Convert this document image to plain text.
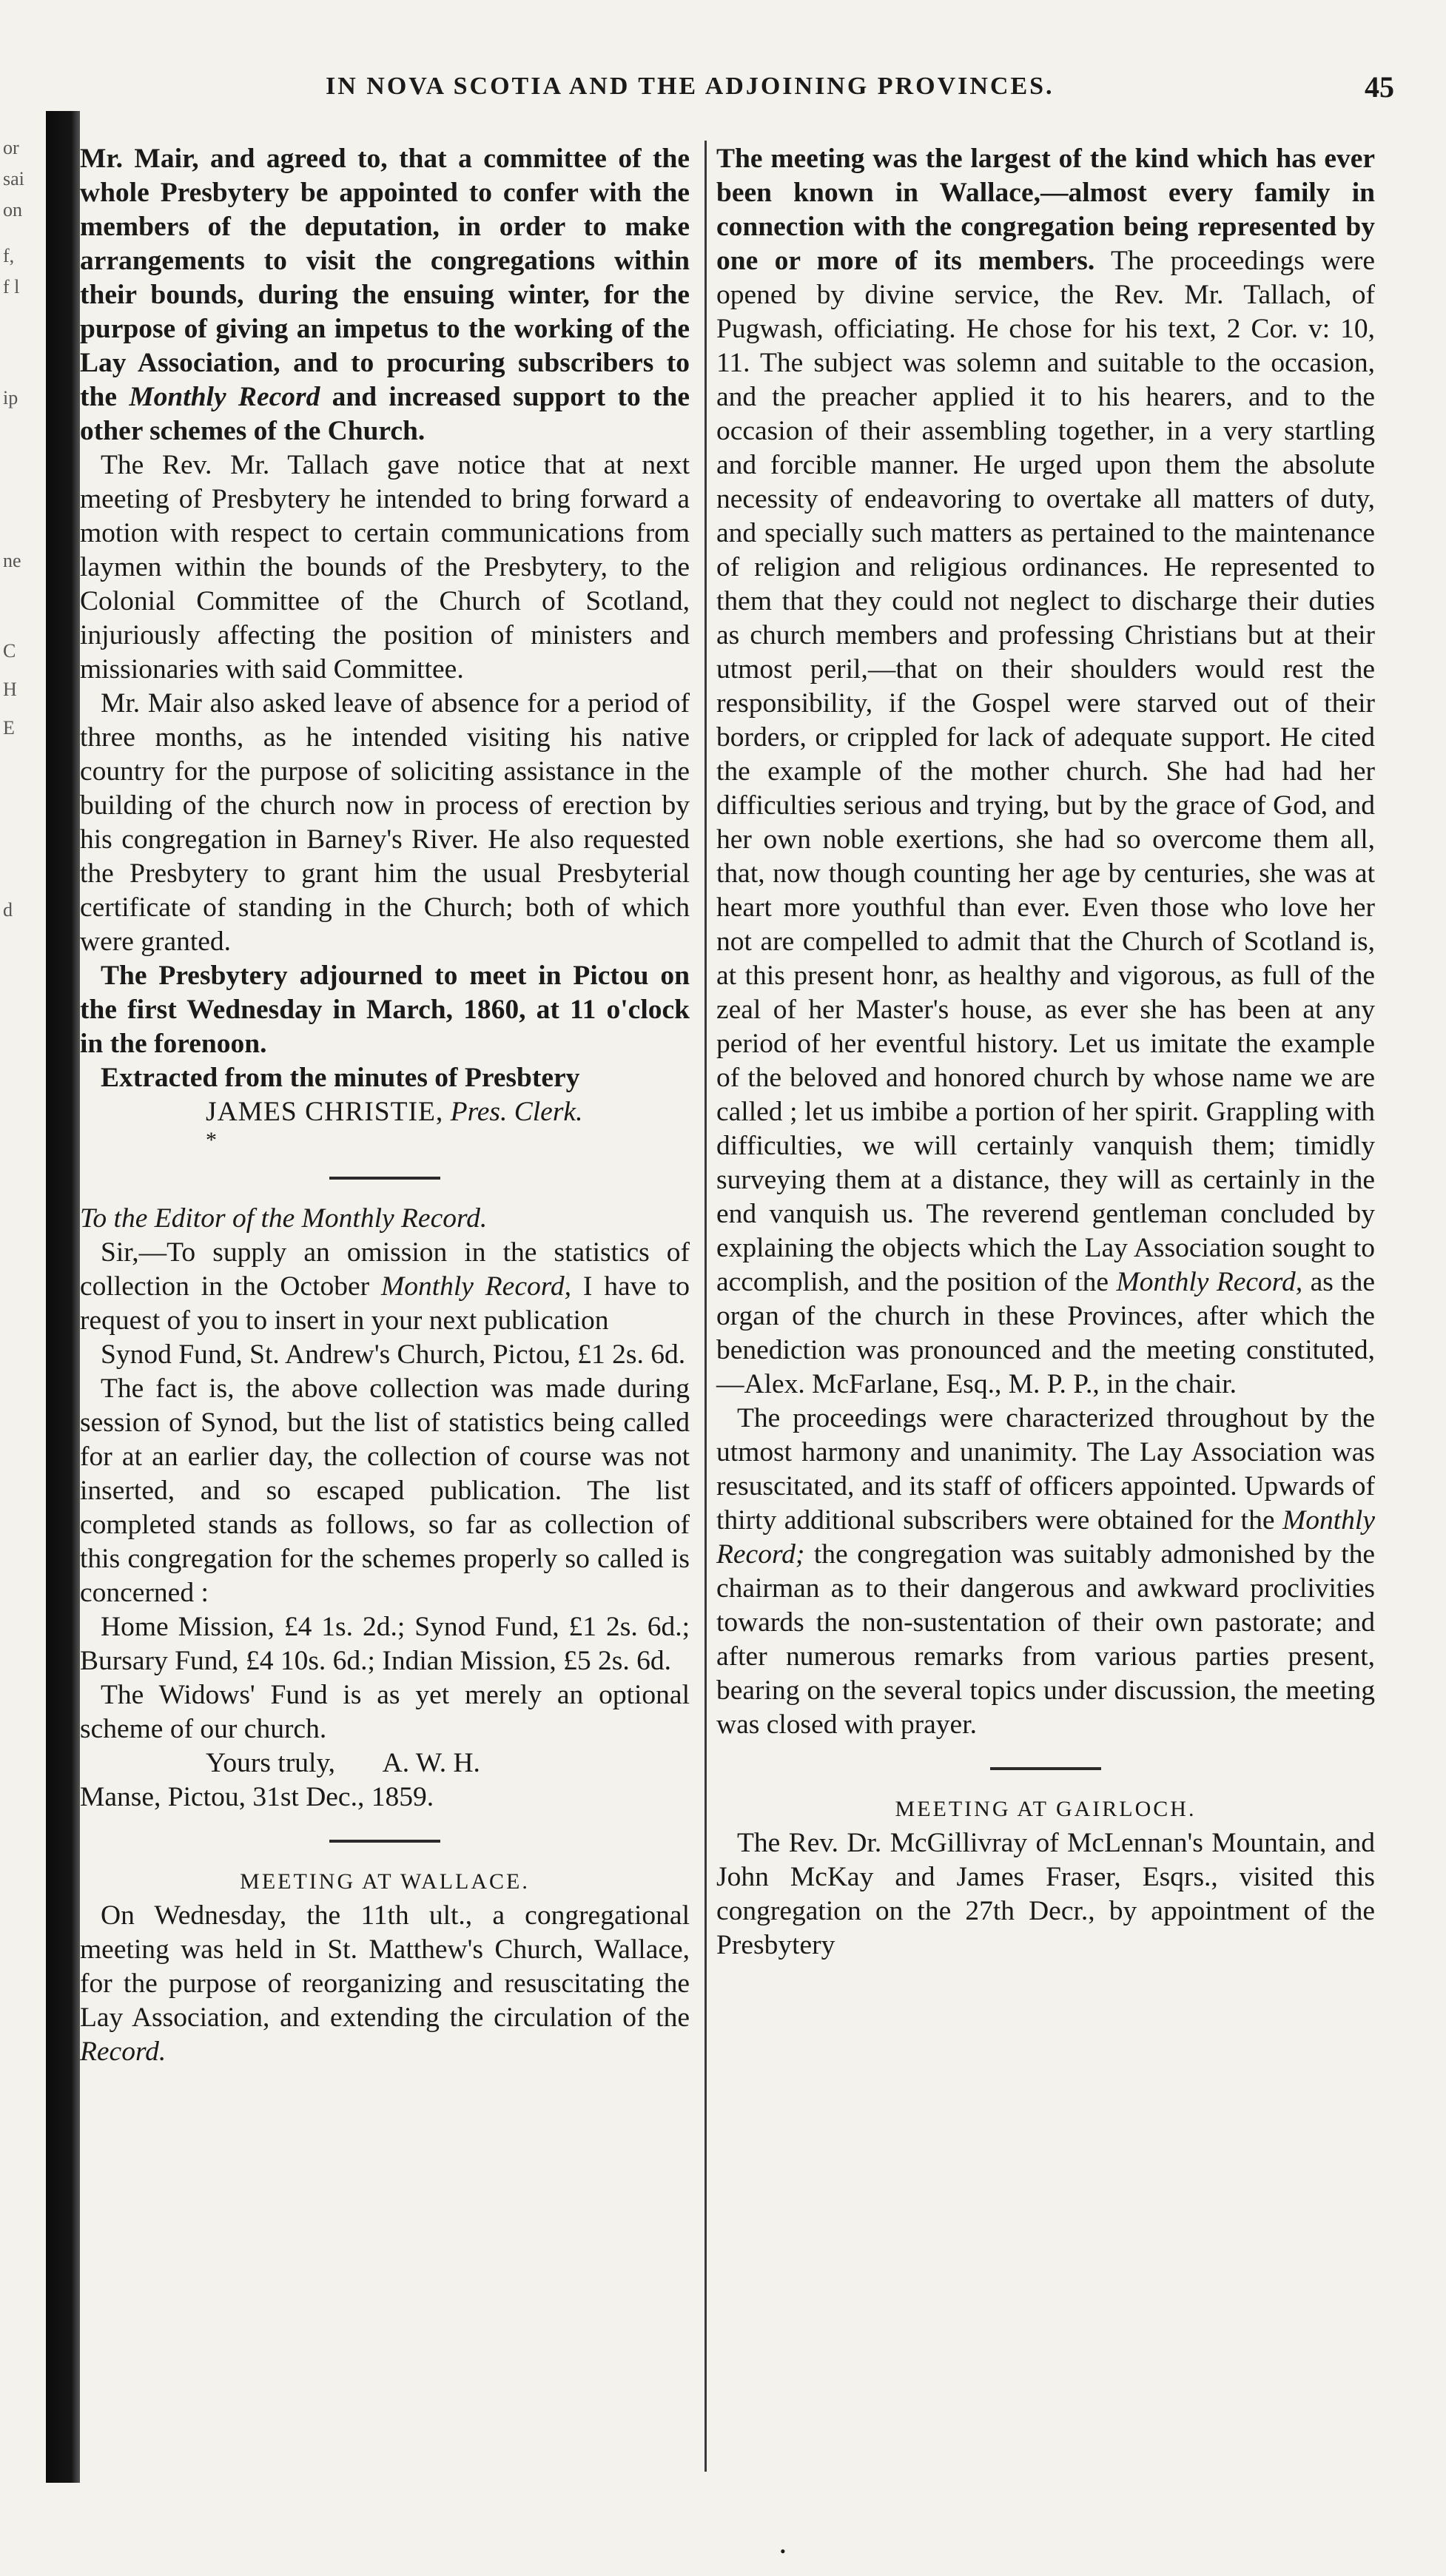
IN NOVA SCOTIA AND THE ADJOINING PROVINCES.	45
or
sai
on
f,
f l
ip
ne
C
H
E
d

Mr. Mair, and agreed to, that a committee of the whole Presbytery be appointed to confer with the members of the deputation, in order to make arrangements to visit the congregations within their bounds, during the ensuing winter, for the purpose of giving an impetus to the working of the Lay Association, and to procuring subscribers to the Monthly Record and increased support to the other schemes of the Church.

The Rev. Mr. Tallach gave notice that at next meeting of Presbytery he intended to bring forward a motion with respect to certain communications from laymen within the bounds of the Presbytery, to the Colonial Committee of the Church of Scotland, injuriously affecting the position of ministers and missionaries with said Committee.

Mr. Mair also asked leave of absence for a period of three months, as he intended visiting his native country for the purpose of soliciting assistance in the building of the church now in process of erection by his congregation in Barney's River. He also requested the Presbytery to grant him the usual Presbyterial certificate of standing in the Church; both of which were granted.

The Presbytery adjourned to meet in Pictou on the first Wednesday in March, 1860, at 11 o'clock in the forenoon.

Extracted from the minutes of Presbtery

JAMES CHRISTIE, Pres. Clerk.

*

To the Editor of the Monthly Record.

Sir,—To supply an omission in the statistics of collection in the October Monthly Record, I have to request of you to insert in your next publication

Synod Fund, St. Andrew's Church, Pictou, £1 2s. 6d.

The fact is, the above collection was made during session of Synod, but the list of statistics being called for at an earlier day, the collection of course was not inserted, and so escaped publication. The list completed stands as follows, so far as collection of this congregation for the schemes properly so called is concerned :

Home Mission, £4 1s. 2d.; Synod Fund, £1 2s. 6d.; Bursary Fund, £4 10s. 6d.; Indian Mission, £5 2s. 6d.

The Widows' Fund is as yet merely an optional scheme of our church.

Yours truly, A. W. H.

Manse, Pictou, 31st Dec., 1859.

MEETING AT WALLACE.

On Wednesday, the 11th ult., a congregational meeting was held in St. Matthew's Church, Wallace, for the purpose of reorganizing and resuscitating the Lay Association, and extending the circulation of the Record.

The meeting was the largest of the kind which has ever been known in Wallace,—almost every family in connection with the congregation being represented by one or more of its members. The proceedings were opened by divine service, the Rev. Mr. Tallach, of Pugwash, officiating. He chose for his text, 2 Cor. v: 10, 11. The subject was solemn and suitable to the occasion, and the preacher applied it to his hearers, and to the occasion of their assembling together, in a very startling and forcible manner. He urged upon them the absolute necessity of endeavoring to overtake all matters of duty, and specially such matters as pertained to the maintenance of religion and religious ordinances. He represented to them that they could not neglect to discharge their duties as church members and professing Christians but at their utmost peril,—that on their shoulders would rest the responsibility, if the Gospel were starved out of their borders, or crippled for lack of adequate support. He cited the example of the mother church. She had had her difficulties serious and trying, but by the grace of God, and her own noble exertions, she had so overcome them all, that, now though counting her age by centuries, she was at heart more youthful than ever. Even those who love her not are compelled to admit that the Church of Scotland is, at this present honr, as healthy and vigorous, as full of the zeal of her Master's house, as ever she has been at any period of her eventful history. Let us imitate the example of the beloved and honored church by whose name we are called ; let us imbibe a portion of her spirit. Grappling with difficulties, we will certainly vanquish them; timidly surveying them at a distance, they will as certainly in the end vanquish us. The reverend gentleman concluded by explaining the objects which the Lay Association sought to accomplish, and the position of the Monthly Record, as the organ of the church in these Provinces, after which the benediction was pronounced and the meeting constituted,—Alex. McFarlane, Esq., M. P. P., in the chair.

The proceedings were characterized throughout by the utmost harmony and unanimity. The Lay Association was resuscitated, and its staff of officers appointed. Upwards of thirty additional subscribers were obtained for the Monthly Record; the congregation was suitably admonished by the chairman as to their dangerous and awkward proclivities towards the non-sustentation of their own pastorate; and after numerous remarks from various parties present, bearing on the several topics under discussion, the meeting was closed with prayer.

MEETING AT GAIRLOCH.

The Rev. Dr. McGillivray of McLennan's Mountain, and John McKay and James Fraser, Esqrs., visited this congregation on the 27th Decr., by appointment of the Presbytery

•
